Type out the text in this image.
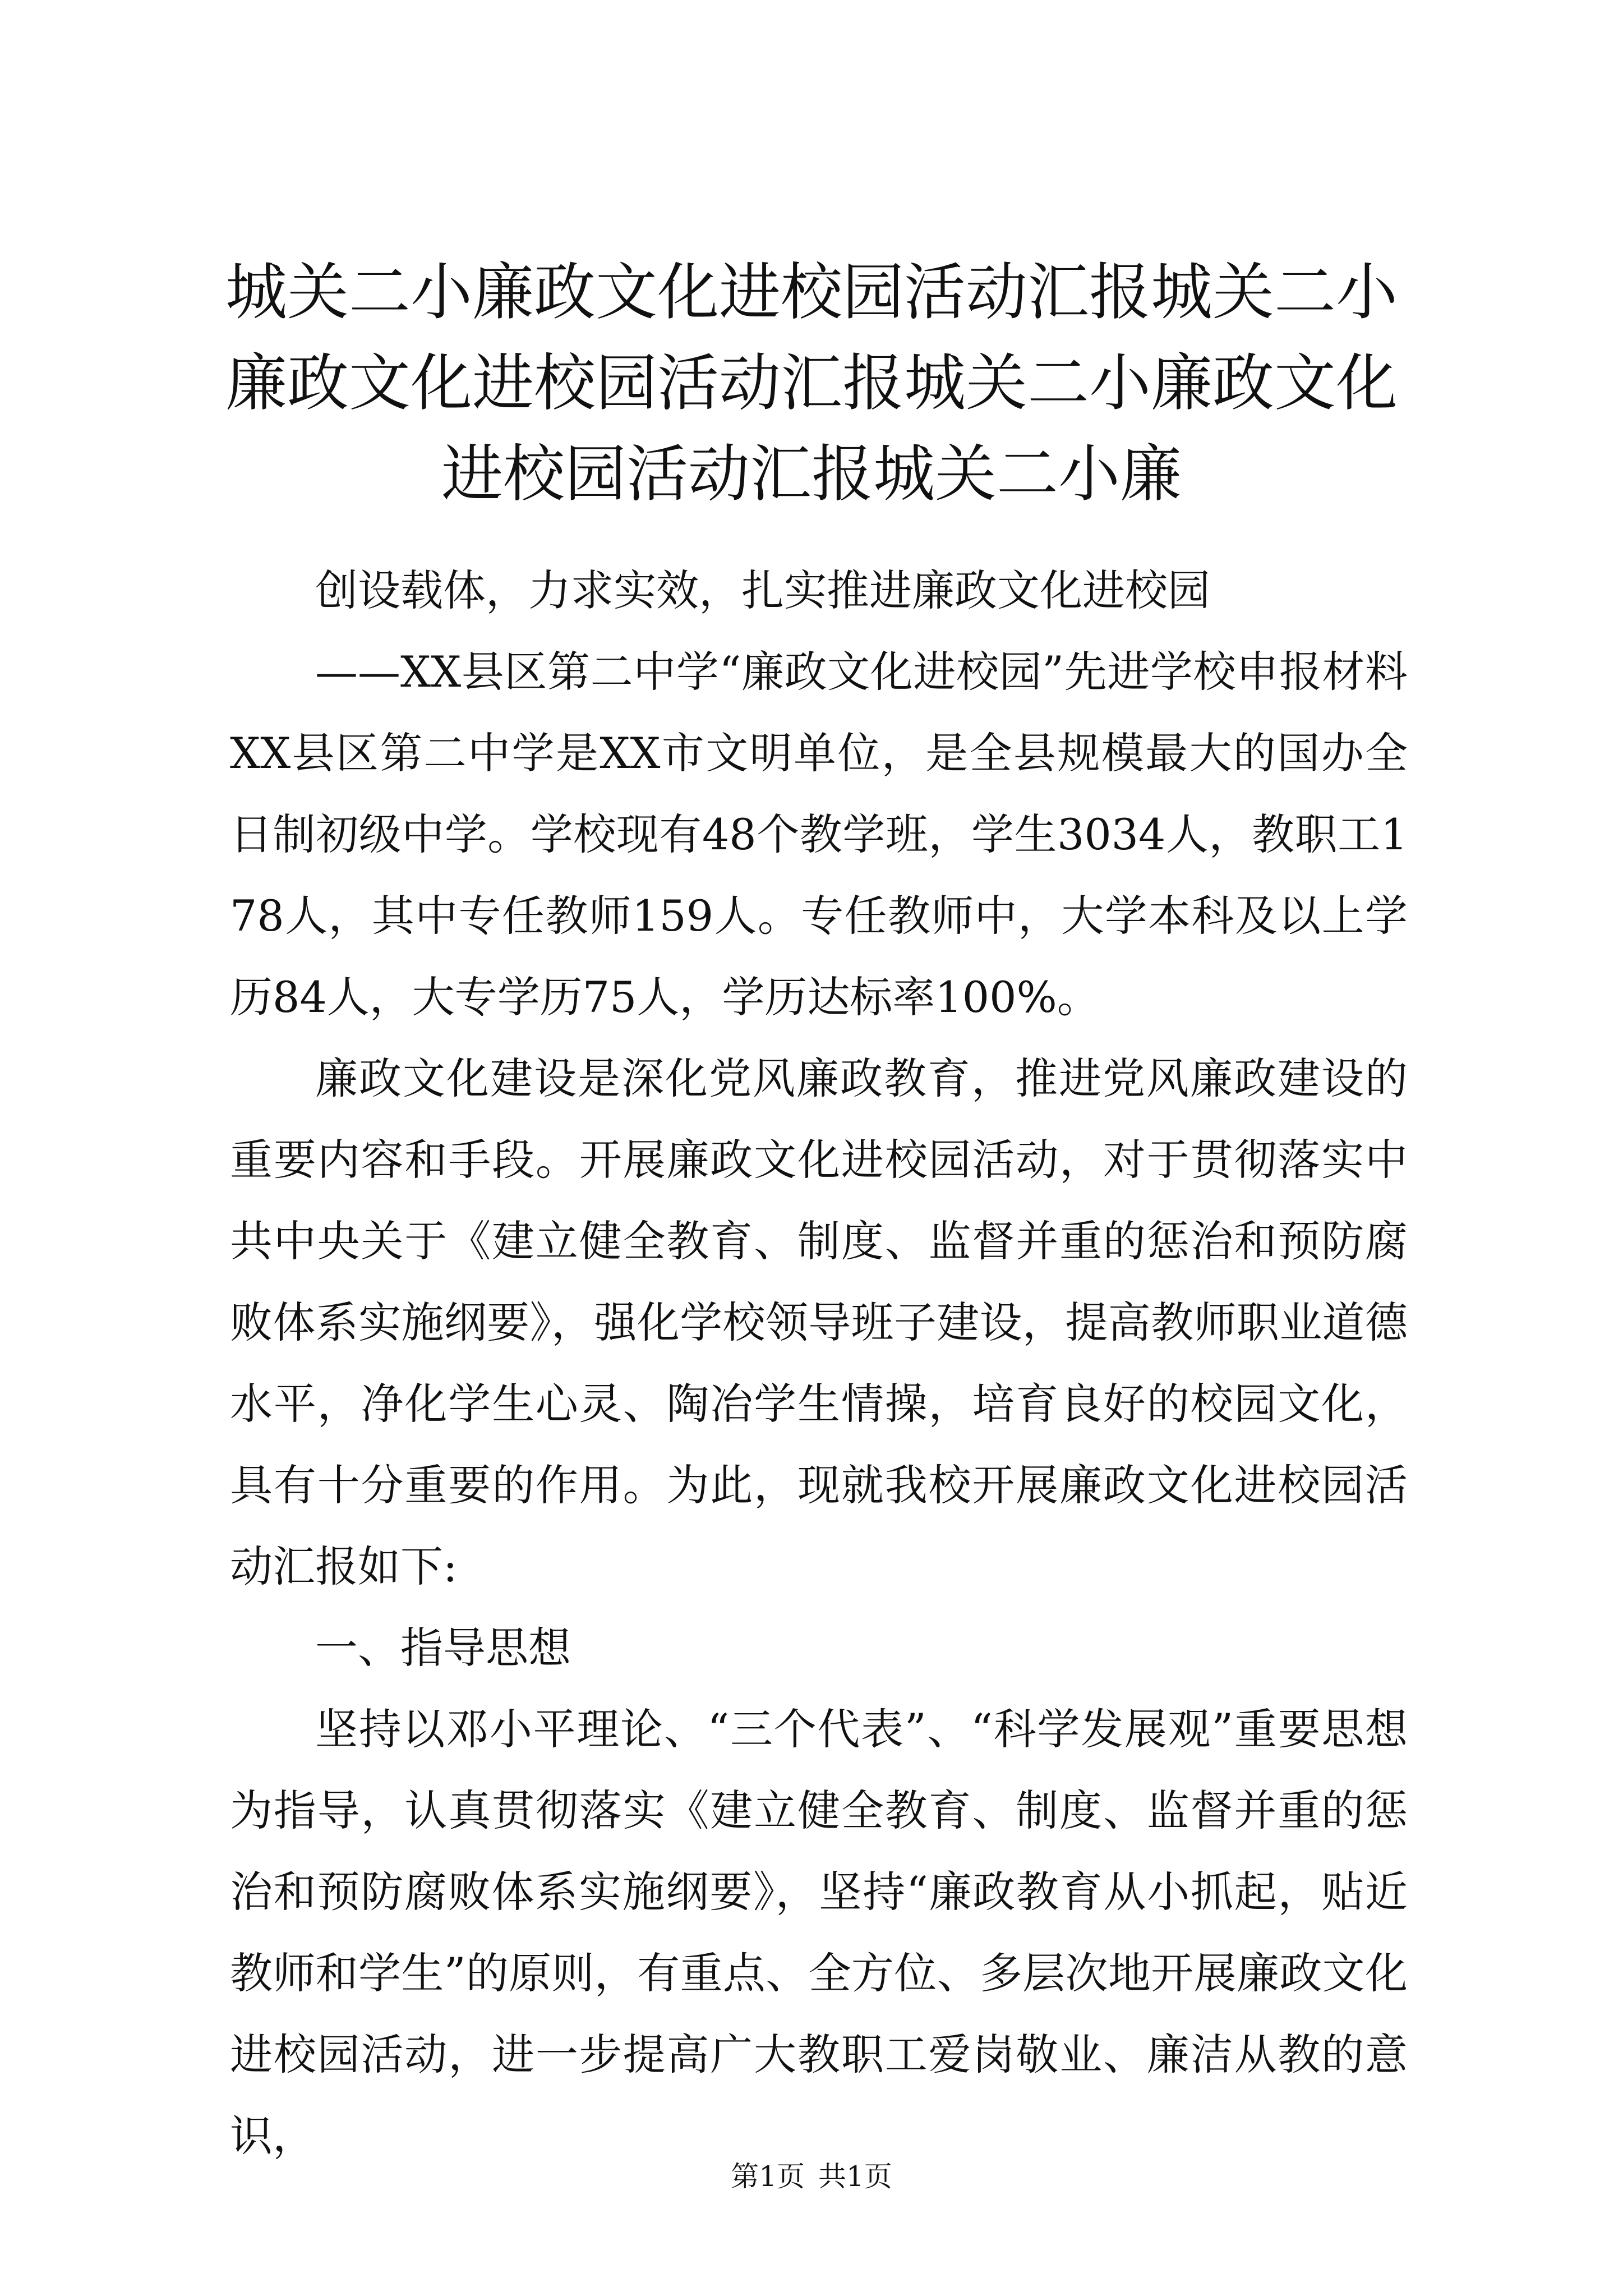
城关二小廉政文化进校园活动汇报城关二小廉政文化进校园活动汇报城关二小廉政文化进校园活动汇报城关二小廉

创设载体，力求实效，扎实推进廉政文化进校园

——XX县区第二中学“廉政文化进校园”先进学校申报材料XX县区第二中学是XX市文明单位，是全县规模最大的国办全日制初级中学。学校现有48个教学班，学生3034人，教职工178人，其中专任教师159人。专任教师中，大学本科及以上学历84人，大专学历75人，学历达标率100%。

廉政文化建设是深化党风廉政教育，推进党风廉政建设的重要内容和手段。开展廉政文化进校园活动，对于贯彻落实中共中央关于《建立健全教育、制度、监督并重的惩治和预防腐败体系实施纲要》，强化学校领导班子建设，提高教师职业道德水平，净化学生心灵、陶冶学生情操，培育良好的校园文化，具有十分重要的作用。为此，现就我校开展廉政文化进校园活动汇报如下:

一、指导思想

坚持以邓小平理论、“三个代表”、“科学发展观”重要思想为指导，认真贯彻落实《建立健全教育、制度、监督并重的惩治和预防腐败体系实施纲要》，坚持“廉政教育从小抓起，贴近教师和学生”的原则，有重点、全方位、多层次地开展廉政文化进校园活动，进一步提高广大教职工爱岗敬业、廉洁从教的意识，

第1页 共1页
